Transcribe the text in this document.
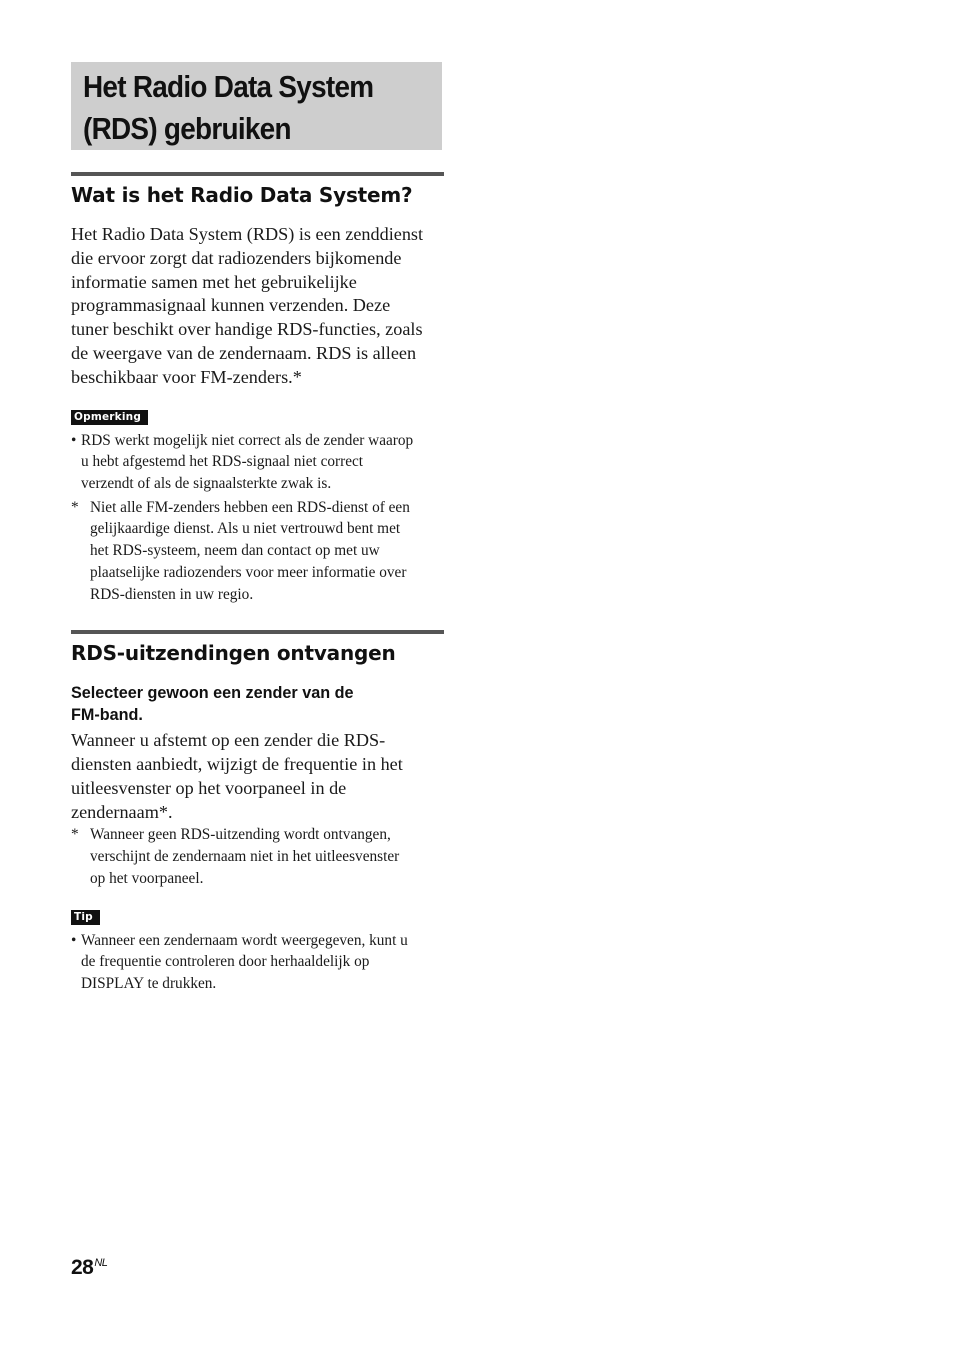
Het Radio Data System
(RDS) gebruiken
Wat is het Radio Data System?
Het Radio Data System (RDS) is een zenddienst
die ervoor zorgt dat radiozenders bijkomende
informatie samen met het gebruikelijke
programmasignaal kunnen verzenden. Deze
tuner beschikt over handige RDS-functies, zoals
de weergave van de zendernaam. RDS is alleen
beschikbaar voor FM-zenders.*
Opmerking
• RDS werkt mogelijk niet correct als de zender waarop
u hebt afgestemd het RDS-signaal niet correct
verzendt of als de signaalsterkte zwak is.
* Niet alle FM-zenders hebben een RDS-dienst of een
gelijkaardige dienst. Als u niet vertrouwd bent met
het RDS-systeem, neem dan contact op met uw
plaatselijke radiozenders voor meer informatie over
RDS-diensten in uw regio.
RDS-uitzendingen ontvangen
Selecteer gewoon een zender van de
FM-band.
Wanneer u afstemt op een zender die RDS-
diensten aanbiedt, wijzigt de frequentie in het
uitleesvenster op het voorpaneel in de
zendernaam*.
* Wanneer geen RDS-uitzending wordt ontvangen,
verschijnt de zendernaam niet in het uitleesvenster
op het voorpaneel.
Tip
• Wanneer een zendernaam wordt weergegeven, kunt u
de frequentie controleren door herhaaldelijk op
DISPLAY te drukken.
$28^{NL}$
